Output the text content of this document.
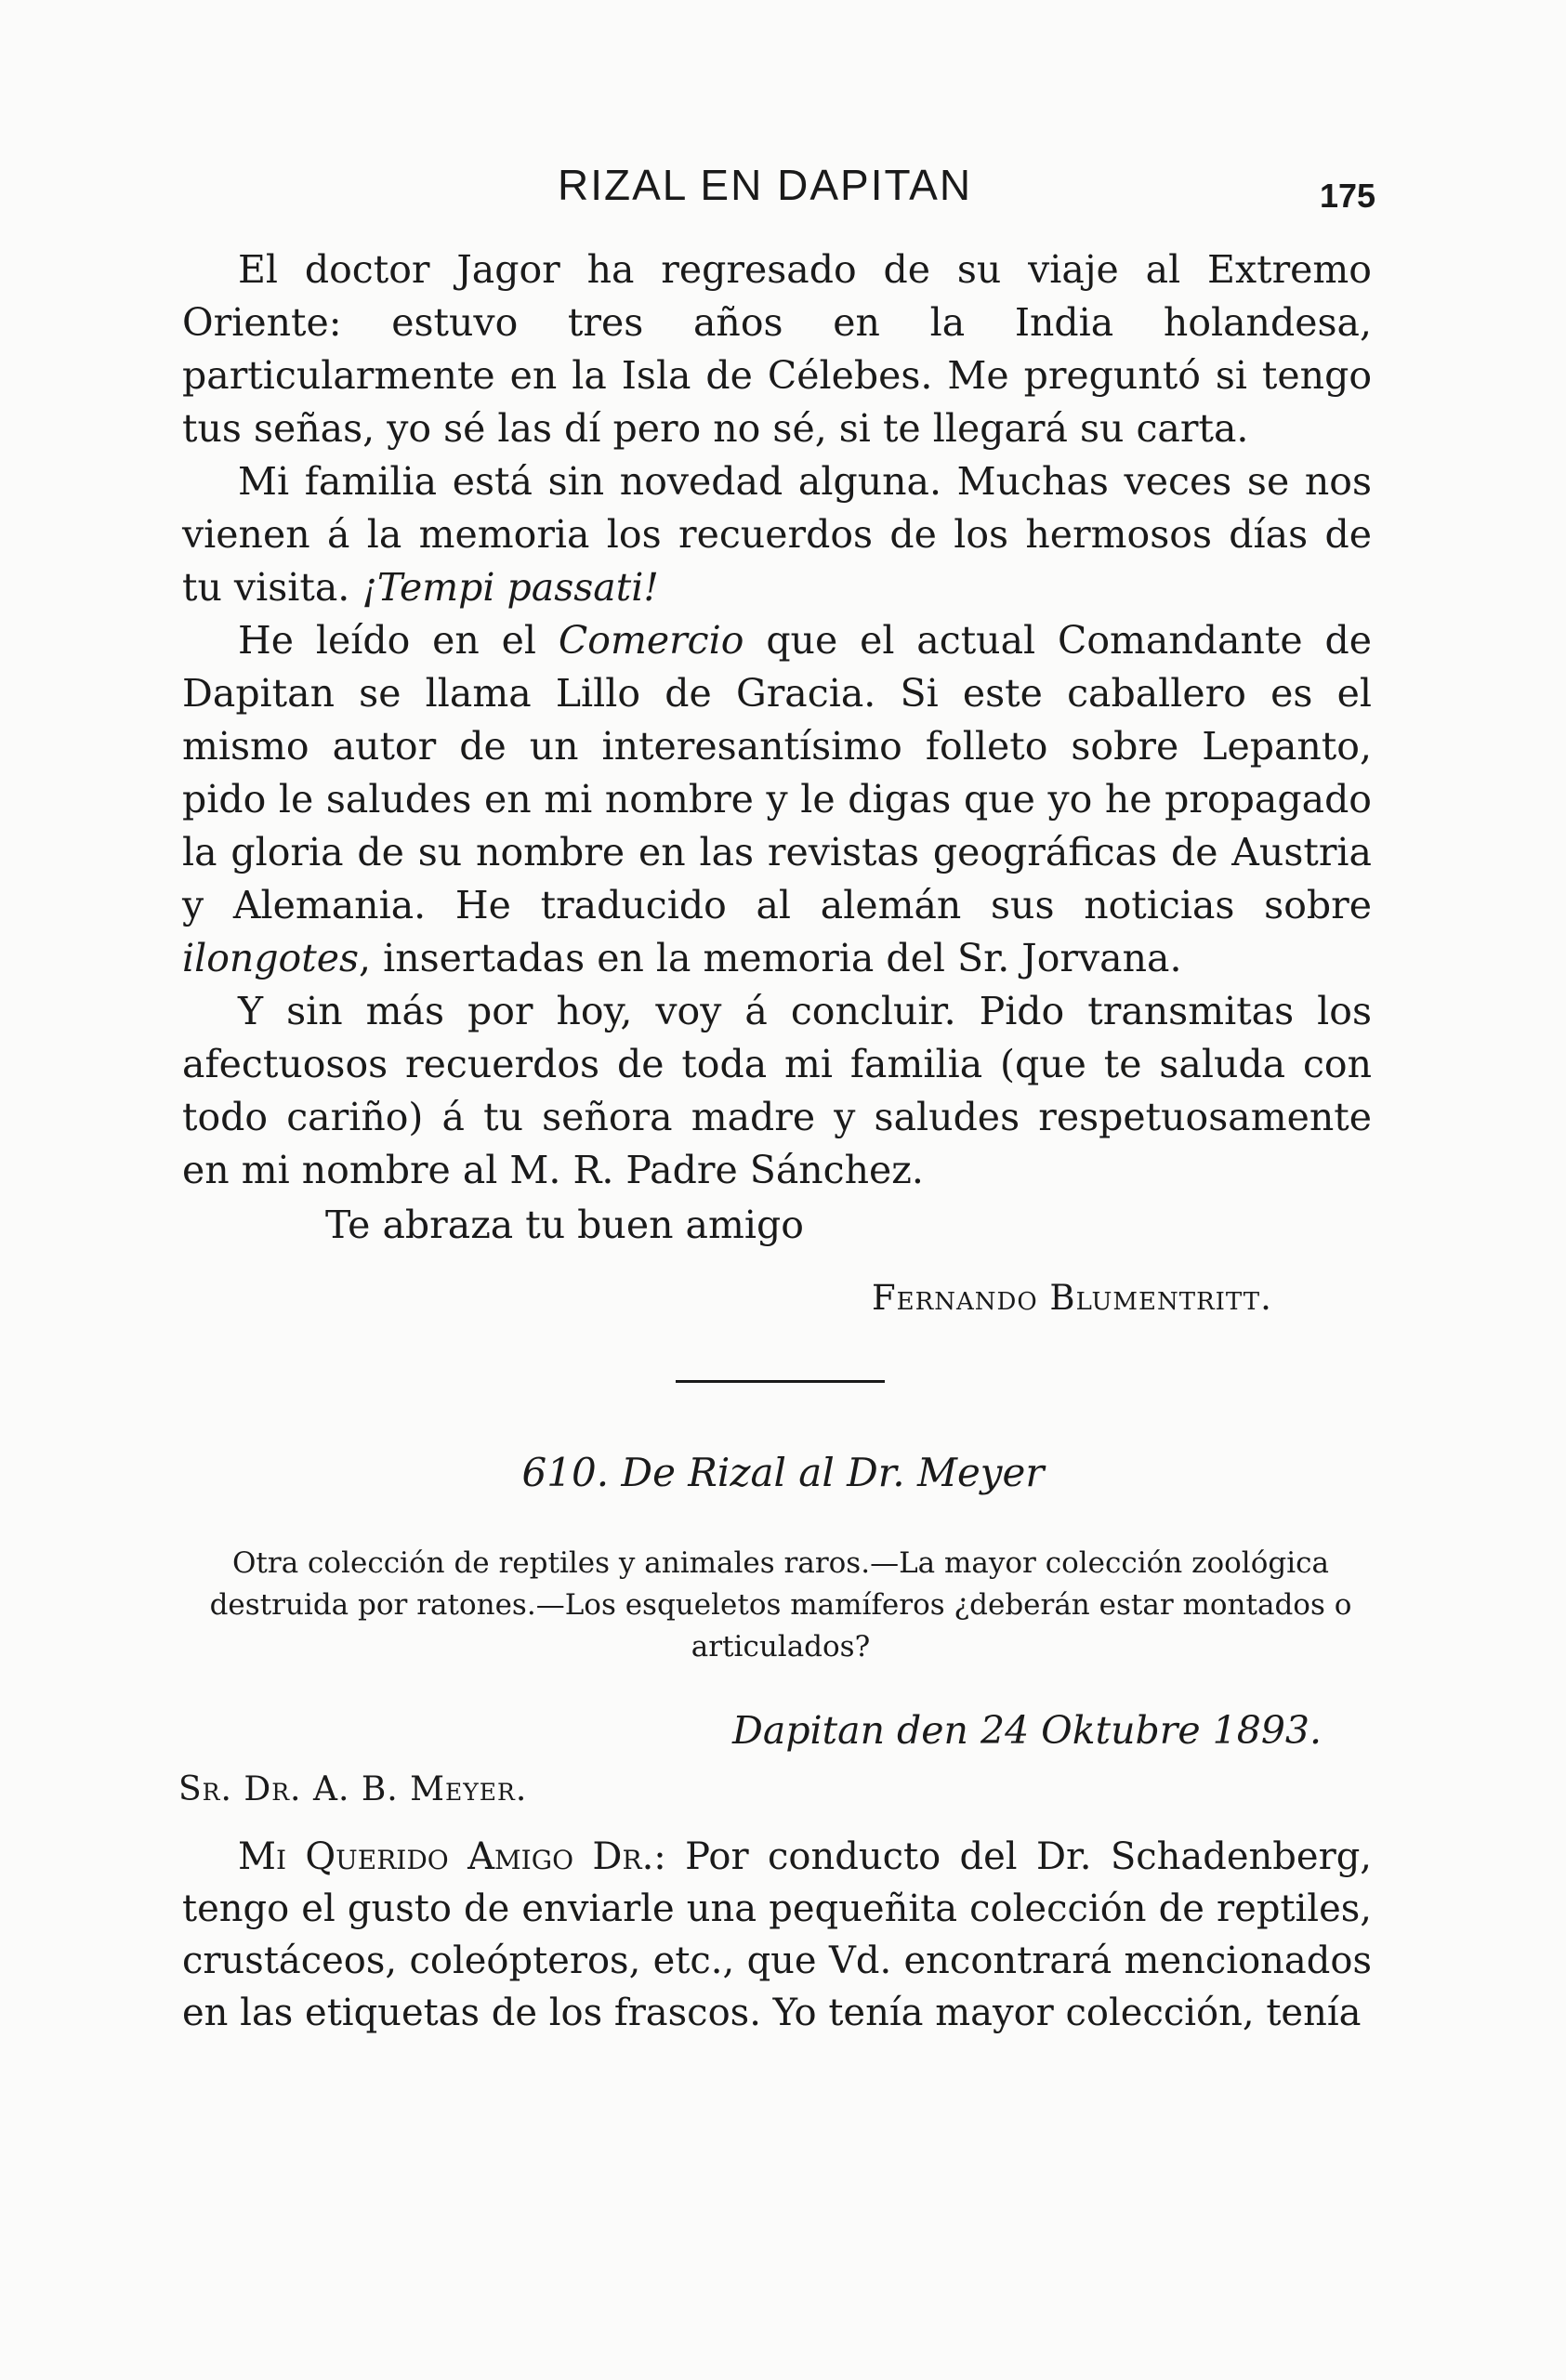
RIZAL EN DAPITAN	175

El doctor Jagor ha regresado de su viaje al Extremo Oriente: estuvo tres años en la India holandesa, particularmente en la Isla de Célebes. Me preguntó si tengo tus señas, yo sé las dí pero no sé, si te llegará su carta.

Mi familia está sin novedad alguna. Muchas veces se nos vienen á la memoria los recuerdos de los hermosos días de tu visita. ¡Tempi passati!

He leído en el Comercio que el actual Comandante de Dapitan se llama Lillo de Gracia. Si este caballero es el mismo autor de un interesantísimo folleto sobre Lepanto, pido le saludes en mi nombre y le digas que yo he propagado la gloria de su nombre en las revistas geográficas de Austria y Alemania. He traducido al alemán sus noticias sobre ilongotes, insertadas en la memoria del Sr. Jorvana.

Y sin más por hoy, voy á concluir. Pido transmitas los afectuosos recuerdos de toda mi familia (que te saluda con todo cariño) á tu señora madre y saludes respetuosamente en mi nombre al M. R. Padre Sánchez.

Te abraza tu buen amigo
Fernando Blumentritt.
610. De Rizal al Dr. Meyer
Otra colección de reptiles y animales raros.—La mayor colección zoológica destruida por ratones.—Los esqueletos mamíferos ¿deberán estar montados o articulados?
Dapitan den 24 Oktubre 1893.
Sr. Dr. A. B. Meyer.

Mi Querido Amigo Dr.: Por conducto del Dr. Schadenberg, tengo el gusto de enviarle una pequeñita colección de reptiles, crustáceos, coleópteros, etc., que Vd. encontrará mencionados en las etiquetas de los frascos. Yo tenía mayor colección, tenía
